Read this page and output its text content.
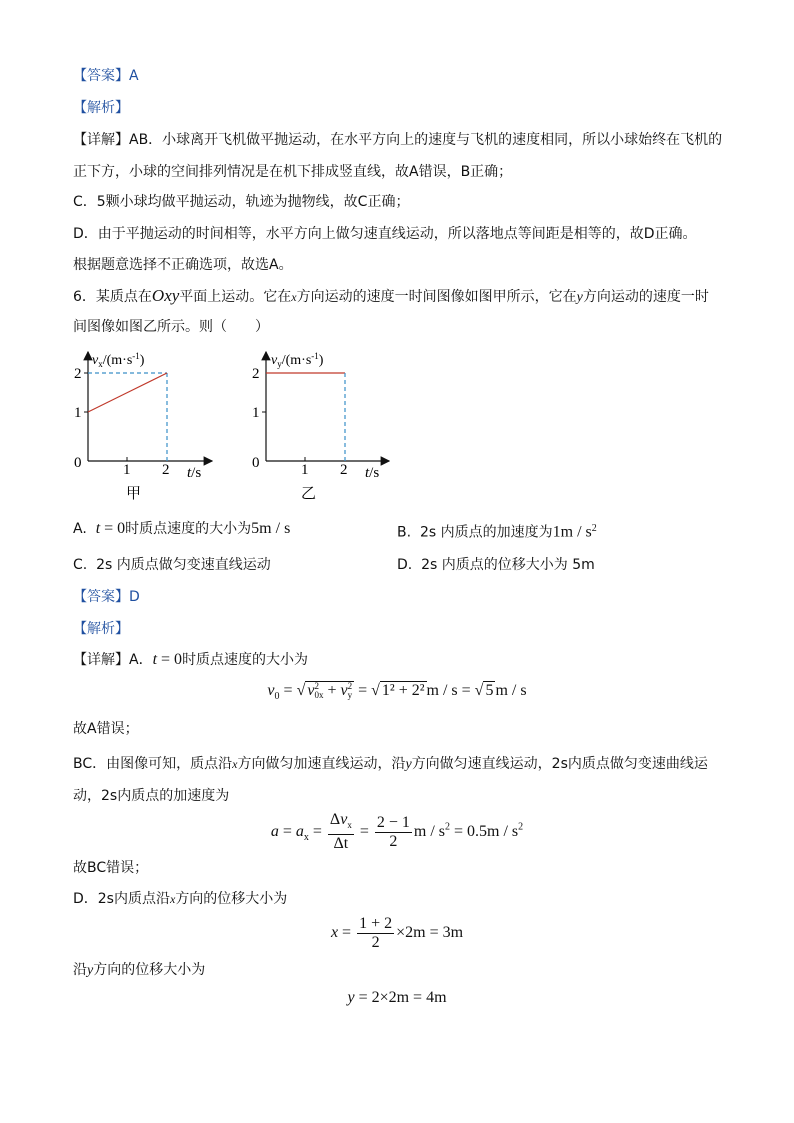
【答案】A
【解析】
【详解】AB．小球离开飞机做平抛运动，在水平方向上的速度与飞机的速度相同，所以小球始终在飞机的
正下方，小球的空间排列情况是在机下排成竖直线，故A错误，B正确；
C．5颗小球均做平抛运动，轨迹为抛物线，故C正确；
D．由于平抛运动的时间相等，水平方向上做匀速直线运动，所以落地点等间距是相等的，故D正确。
根据题意选择不正确选项，故选A。
6．某质点在Oxy平面上运动。它在x方向运动的速度一时间图像如图甲所示，它在y方向运动的速度一时
间图像如图乙所示。则（　　）
$v_x/(m\cdot s^{-1})$
2
1
0	1 2 t/s
甲
$v_y/(m\cdot s^{-1})$
2
1
0	1 2 t/s
乙
A. t = 0时质点速度的大小为5m / s	B. 2s 内质点的加速度为$1m / s^2$
C. 2s 内质点做匀变速直线运动	D. 2s 内质点的位移大小为 5m
【答案】D
【解析】
【详解】A．t = 0时质点速度的大小为
$v_0$ = √ v 2
0x + v 2
y = √ 1² + 2² m / s = √ 5 m / s
故A错误；
BC．由图像可知，质点沿x方向做匀加速直线运动，沿y方向做匀速直线运动，2s内质点做匀变速曲线运
动，2s内质点的加速度为
$a = a_x = \frac{\Delta v_x}{\Delta t} = \frac{2 - 1}{2}$ $m / s^2 = 0.5m / s^2$
故BC错误；
D．2s内质点沿x方向的位移大小为
$x = \frac{1 + 2}{2} \times 2m = 3m$
沿y方向的位移大小为
y = 2×2m = 4m
